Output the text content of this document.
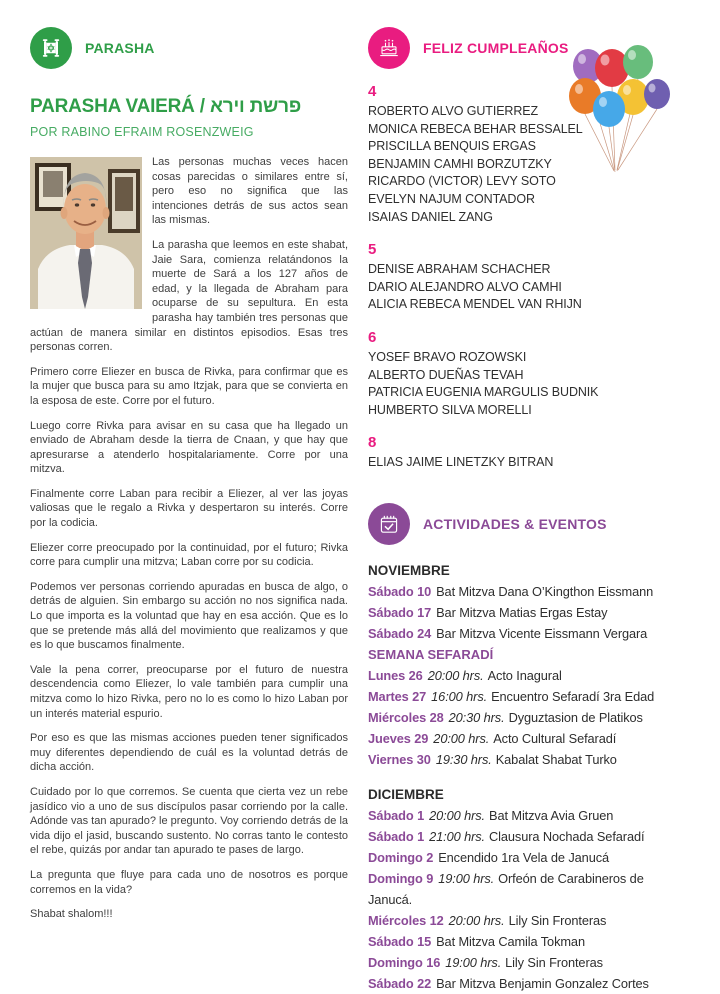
PARASHA
PARASHA VAIERÁ / פרשת וירא
POR RABINO EFRAIM ROSENZWEIG

Las personas muchas veces hacen cosas parecidas o similares entre sí, pero eso no significa que las intenciones detrás de sus actos sean las mismas.

La parasha que leemos en este shabat, Jaie Sara, comienza relatándonos la muerte de Sará a los 127 años de edad, y la llegada de Abraham para ocuparse de su sepultura. En esta parasha hay también tres personas que actúan de manera similar en distintos episodios. Esas tres personas corren.

Primero corre Eliezer en busca de Rivka, para confirmar que es la mujer que busca para su amo Itzjak, para que se convierta en la esposa de este. Corre por el futuro.

Luego corre Rivka para avisar en su casa que ha llegado un enviado de Abraham desde la tierra de Cnaan, y que hay que apresurarse a atenderlo hospitalariamente. Corre por una mitzva.

Finalmente corre Laban para recibir a Eliezer, al ver las joyas valiosas que le regalo a Rivka y despertaron su interés. Corre por la codicia.

Eliezer corre preocupado por la continuidad, por el futuro; Rivka corre para cumplir una mitzva; Laban corre por su codicia.

Podemos ver personas corriendo apuradas en busca de algo, o detrás de alguien. Sin embargo su acción no nos significa nada. Lo que importa es la voluntad que hay en esa acción. Que es lo que se pretende más allá del movimiento que realizamos y que es lo que buscamos finalmente.

Vale la pena correr, preocuparse por el futuro de nuestra descendencia como Eliezer, lo vale también para cumplir una mitzva como lo hizo Rivka, pero no lo es como lo hizo Laban por un interés material espurio.

Por eso es que las mismas acciones pueden tener significados muy diferentes dependiendo de cuál es la voluntad detrás de dicha acción.

Cuidado por lo que corremos. Se cuenta que cierta vez un rebe jasídico vio a uno de sus discípulos pasar corriendo por la calle. Adónde vas tan apurado? le pregunto. Voy corriendo detrás de la vida dijo el jasid, buscando sustento. No corras tanto le contesto el rebe, quizás por andar tan apurado te pases de largo.

La pregunta que fluye para cada uno de nosotros es porque corremos en la vida?

Shabat shalom!!!

FELIZ CUMPLEAÑOS
4
ROBERTO ALVO GUTIERREZ
MONICA REBECA BEHAR BESSALEL
PRISCILLA BENQUIS ERGAS
BENJAMIN CAMHI BORZUTZKY
RICARDO (VICTOR) LEVY SOTO
EVELYN NAJUM CONTADOR
ISAIAS DANIEL ZANG
5
DENISE ABRAHAM SCHACHER
DARIO ALEJANDRO ALVO CAMHI
ALICIA REBECA MENDEL VAN RHIJN
6
YOSEF BRAVO ROZOWSKI
ALBERTO DUEÑAS TEVAH
PATRICIA EUGENIA MARGULIS BUDNIK
HUMBERTO SILVA MORELLI
8
ELIAS JAIME LINETZKY BITRAN
ACTIVIDADES & EVENTOS
NOVIEMBRE
Sábado 10 Bat Mitzva Dana O’Kingthon Eissmann
Sábado 17 Bar Mitzva Matias Ergas Estay
Sábado 24 Bar Mitzva Vicente Eissmann Vergara
SEMANA SEFARADÍ
Lunes 26 20:00 hrs. Acto Inagural
Martes 27 16:00 hrs. Encuentro Sefaradí 3ra Edad
Miércoles 28 20:30 hrs. Dyguztasion de Platikos
Jueves 29 20:00 hrs. Acto Cultural Sefaradí
Viernes 30 19:30 hrs. Kabalat Shabat Turko
DICIEMBRE
Sábado 1 20:00 hrs. Bat Mitzva Avia Gruen
Sábado 1 21:00 hrs. Clausura Nochada Sefaradí
Domingo 2 Encendido 1ra Vela de Janucá
Domingo 9 19:00 hrs. Orfeón de Carabineros de Janucá.
Miércoles 12 20:00 hrs. Lily Sin Fronteras
Sábado 15 Bat Mitzva Camila Tokman
Domingo 16 19:00 hrs. Lily Sin Fronteras
Sábado 22 Bar Mitzva Benjamin Gonzalez Cortes
